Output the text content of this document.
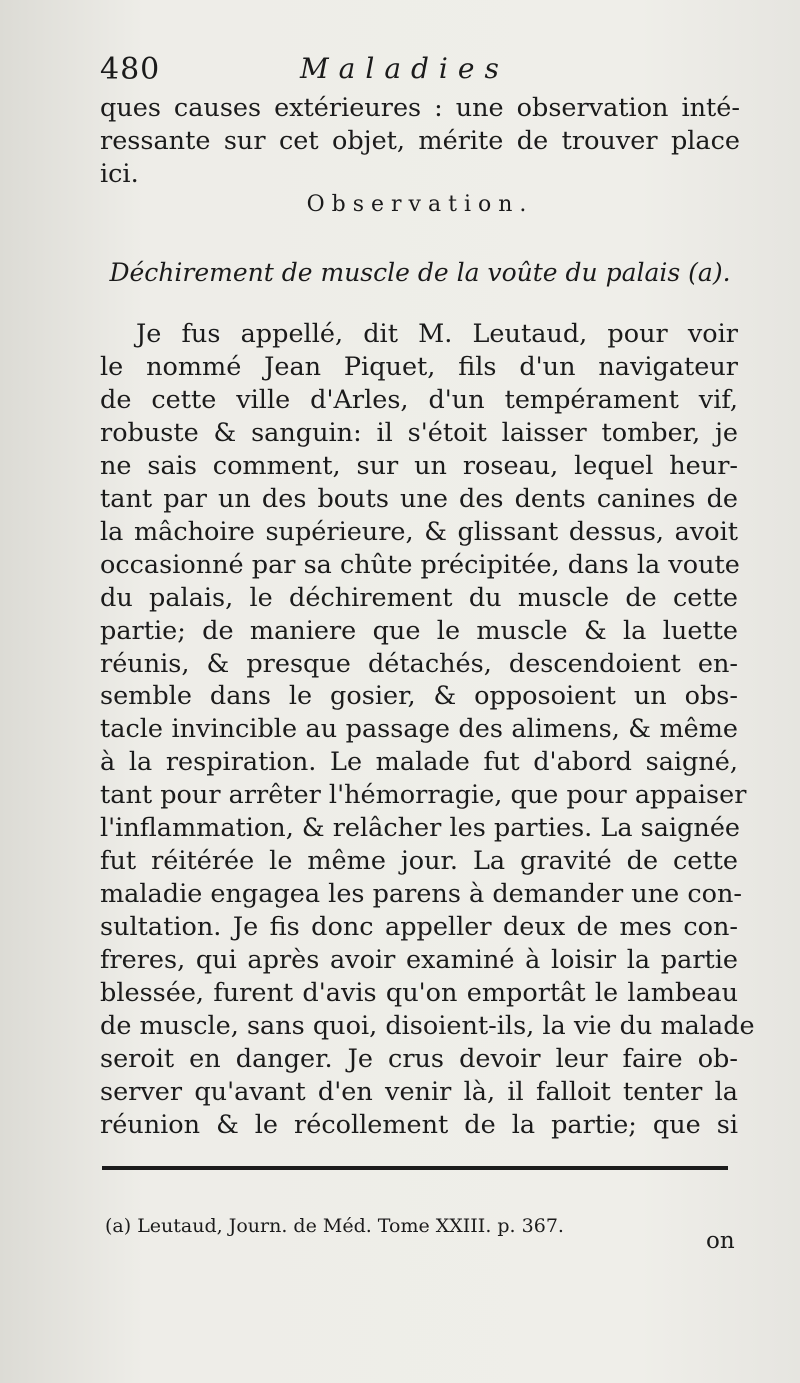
480	Maladies
ques causes extérieures : une observation inté-
ressante sur cet objet, mérite de trouver place
ici.
Observation.
Déchirement de muscle de la voûte du palais (a).
Je fus appellé, dit M. Leutaud, pour voir
le nommé Jean Piquet, fils d'un navigateur
de cette ville d'Arles, d'un tempérament vif,
robuste & sanguin: il s'étoit laisser tomber, je
ne sais comment, sur un roseau, lequel heur-
tant par un des bouts une des dents canines de
la mâchoire supérieure, & glissant dessus, avoit
occasionné par sa chûte précipitée, dans la voute
du palais, le déchirement du muscle de cette
partie; de maniere que le muscle & la luette
réunis, & presque détachés, descendoient en-
semble dans le gosier, & opposoient un obs-
tacle invincible au passage des alimens, & même
à la respiration. Le malade fut d'abord saigné,
tant pour arrêter l'hémorragie, que pour appaiser
l'inflammation, & relâcher les parties. La saignée
fut réitérée le même jour. La gravité de cette
maladie engagea les parens à demander une con-
sultation. Je fis donc appeller deux de mes con-
freres, qui après avoir examiné à loisir la partie
blessée, furent d'avis qu'on emportât le lambeau
de muscle, sans quoi, disoient-ils, la vie du malade
seroit en danger. Je crus devoir leur faire ob-
server qu'avant d'en venir là, il falloit tenter la
réunion & le récollement de la partie; que si
(a) Leutaud, Journ. de Méd. Tome XXIII. p. 367.
on
